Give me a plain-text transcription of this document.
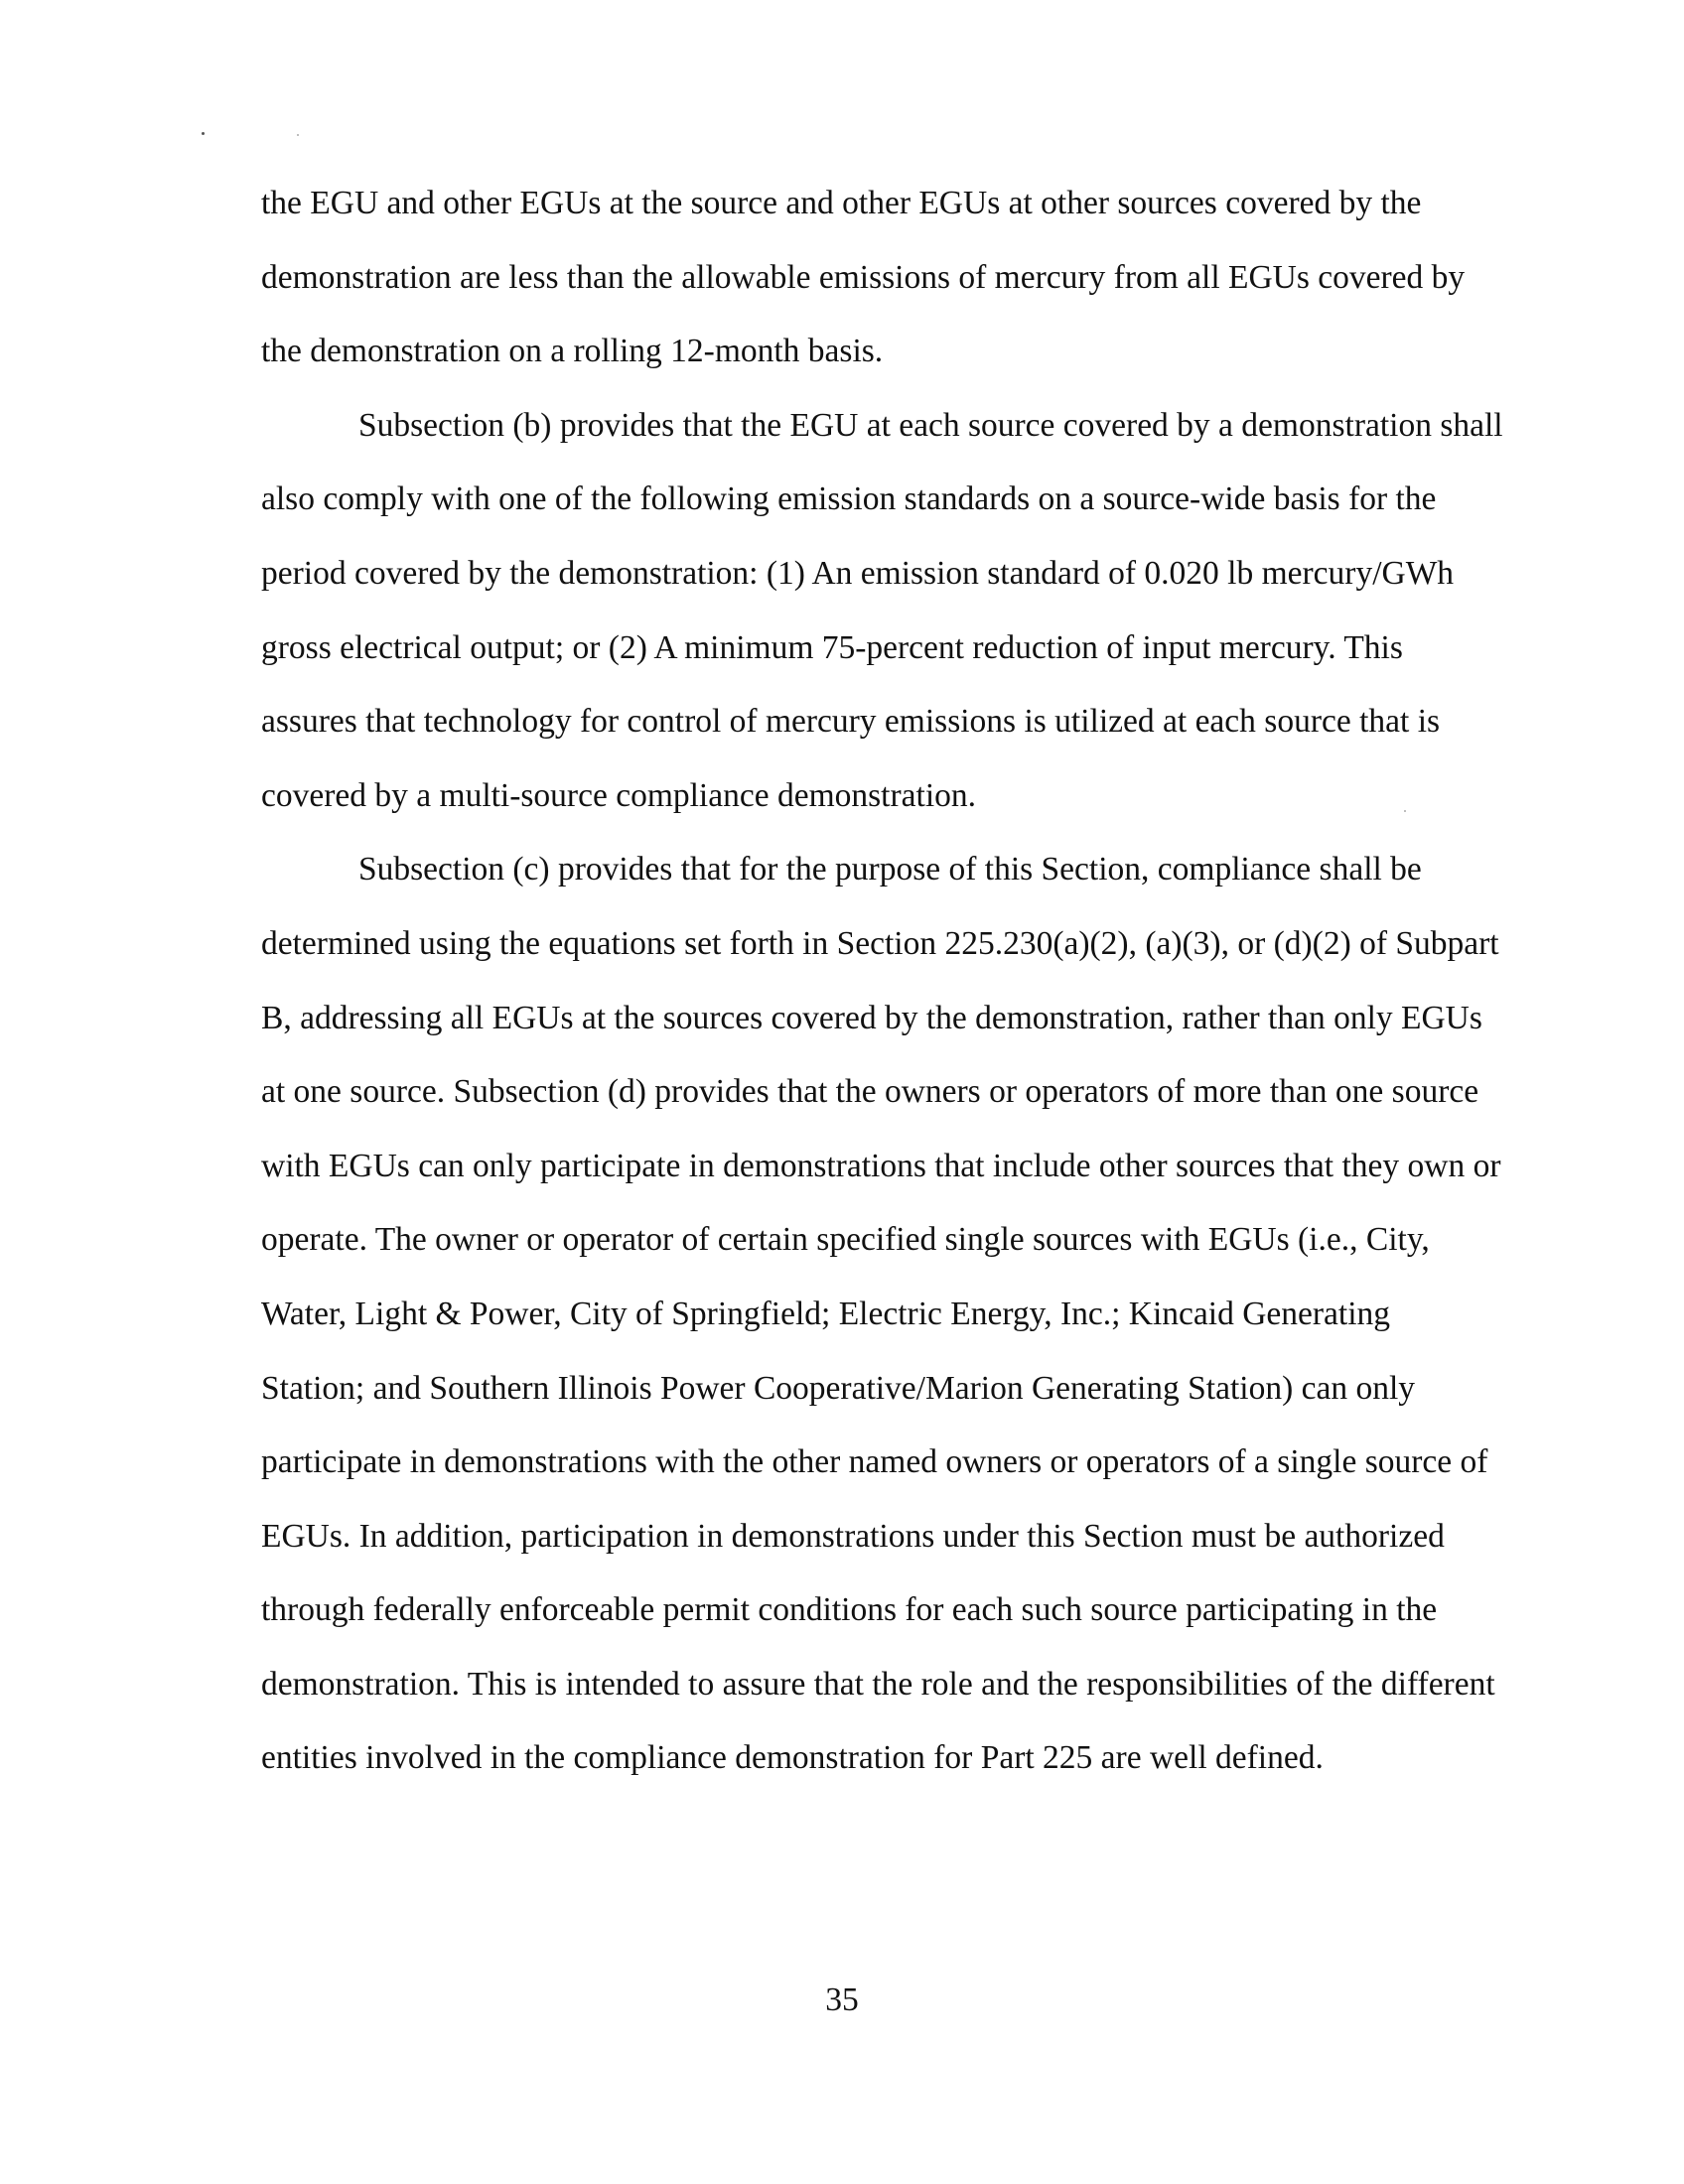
the EGU and other EGUs at the source and other EGUs at other sources covered by the
demonstration are less than the allowable emissions of mercury from all EGUs covered by
the demonstration on a rolling 12-month basis.
Subsection (b) provides that the EGU at each source covered by a demonstration shall
also comply with one of the following emission standards on a source-wide basis for the
period covered by the demonstration: (1) An emission standard of 0.020 lb mercury/GWh
gross electrical output; or (2) A minimum 75-percent reduction of input mercury. This
assures that technology for control of mercury emissions is utilized at each source that is
covered by a multi-source compliance demonstration.
Subsection (c) provides that for the purpose of this Section, compliance shall be
determined using the equations set forth in Section 225.230(a)(2), (a)(3), or (d)(2) of Subpart
B, addressing all EGUs at the sources covered by the demonstration, rather than only EGUs
at one source. Subsection (d) provides that the owners or operators of more than one source
with EGUs can only participate in demonstrations that include other sources that they own or
operate. The owner or operator of certain specified single sources with EGUs (i.e., City,
Water, Light & Power, City of Springfield; Electric Energy, Inc.; Kincaid Generating
Station; and Southern Illinois Power Cooperative/Marion Generating Station) can only
participate in demonstrations with the other named owners or operators of a single source of
EGUs. In addition, participation in demonstrations under this Section must be authorized
through federally enforceable permit conditions for each such source participating in the
demonstration. This is intended to assure that the role and the responsibilities of the different
entities involved in the compliance demonstration for Part 225 are well defined.
35
